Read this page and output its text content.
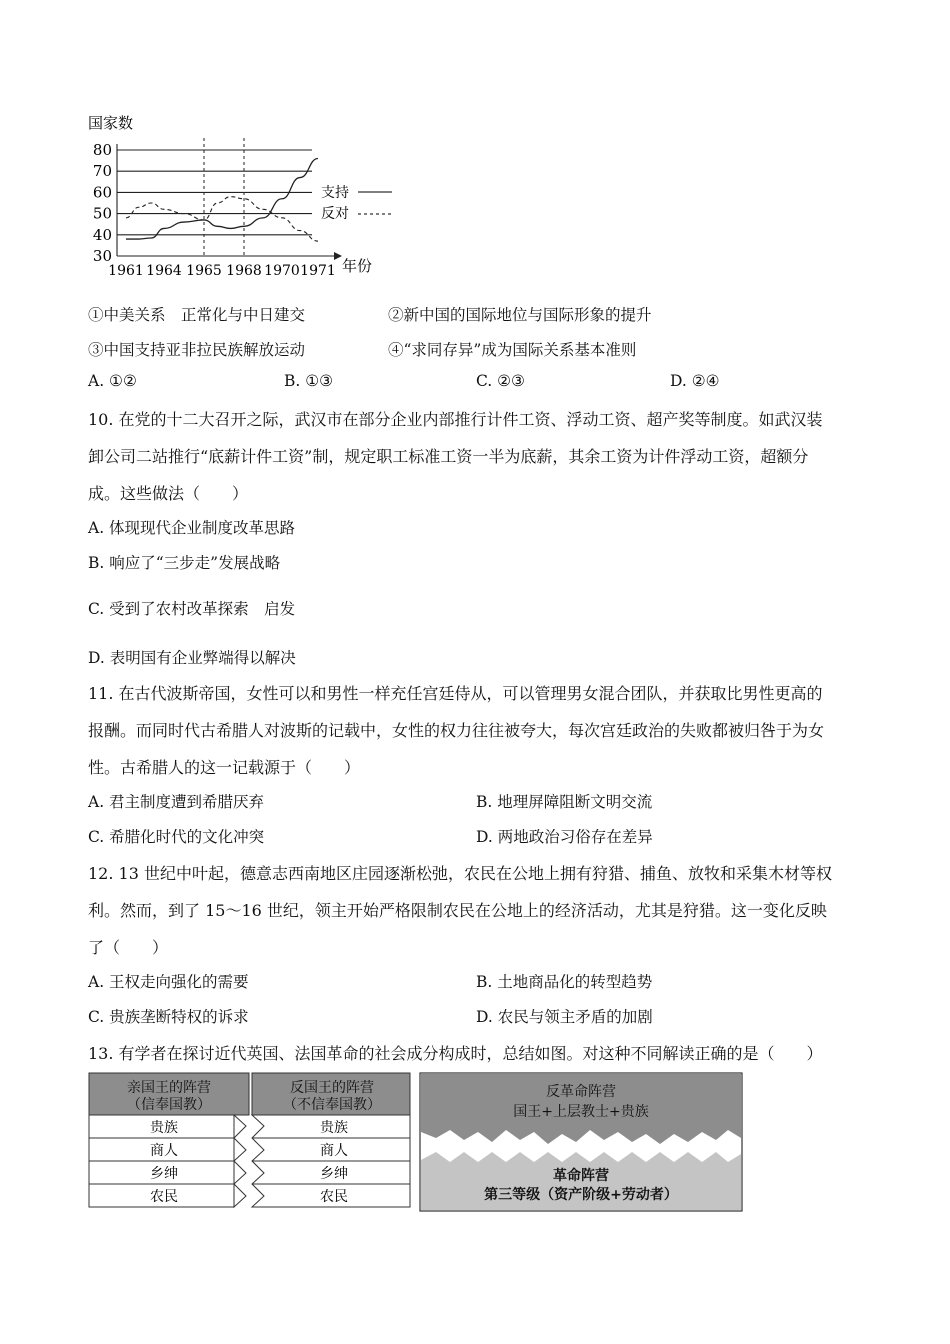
30
40
50
60
70
80
1961 1964 1965 1968 1970 1971
国家数
年份
支持
反对
①中美关系　正常化与中日建交	②新中国的国际地位与国际形象的提升
③中国支持亚非拉民族解放运动	④“求同存异”成为国际关系基本准则
A. ①②	B. ①③	C. ②③	D. ②④
10. 在党的十二大召开之际，武汉市在部分企业内部推行计件工资、浮动工资、超产奖等制度。如武汉装
卸公司二站推行“底薪计件工资”制，规定职工标准工资一半为底薪，其余工资为计件浮动工资，超额分
成。这些做法（　　）
A. 体现现代企业制度改革思路
B. 响应了“三步走”发展战略
C. 受到了农村改革探索　启发
D. 表明国有企业弊端得以解决
11. 在古代波斯帝国，女性可以和男性一样充任宫廷侍从，可以管理男女混合团队，并获取比男性更高的
报酬。而同时代古希腊人对波斯的记载中，女性的权力往往被夸大，每次宫廷政治的失败都被归咎于为女
性。古希腊人的这一记载源于（　　）
A. 君主制度遭到希腊厌弃	B. 地理屏障阻断文明交流
C. 希腊化时代的文化冲突	D. 两地政治习俗存在差异
12. 13 世纪中叶起，德意志西南地区庄园逐渐松弛，农民在公地上拥有狩猎、捕鱼、放牧和采集木材等权
利。然而，到了 15～16 世纪，领主开始严格限制农民在公地上的经济活动，尤其是狩猎。这一变化反映
了（　　）
A. 王权走向强化的需要	B. 土地商品化的转型趋势
C. 贵族垄断特权的诉求	D. 农民与领主矛盾的加剧
13. 有学者在探讨近代英国、法国革命的社会成分构成时，总结如图。对这种不同解读正确的是（　　）
亲国王的阵营
（信奉国教）
贵族
商人
乡绅
农民
反国王的阵营
（不信奉国教）
贵族
商人
乡绅
农民
反革命阵营
国王+上层教士+贵族
革命阵营
第三等级（资产阶级+劳动者）
